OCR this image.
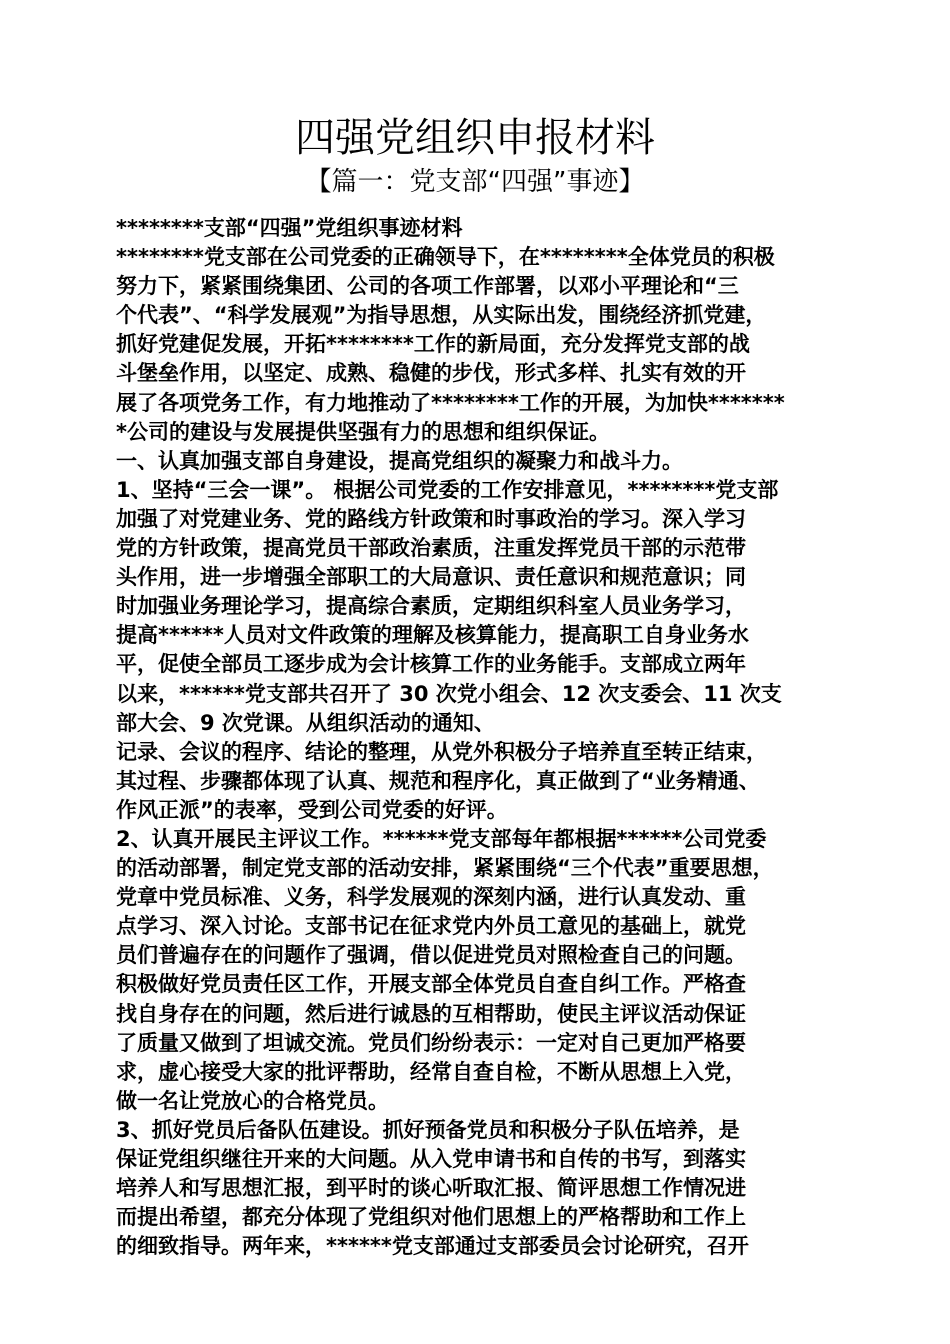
四强党组织申报材料
【篇一：党支部“四强”事迹】
********支部“四强”党组织事迹材料
********党支部在公司党委的正确领导下，在********全体党员的积极
努力下，紧紧围绕集团、公司的各项工作部署，以邓小平理论和“三
个代表”、“科学发展观”为指导思想，从实际出发，围绕经济抓党建，
抓好党建促发展，开拓********工作的新局面，充分发挥党支部的战
斗堡垒作用，以坚定、成熟、稳健的步伐，形式多样、扎实有效的开
展了各项党务工作，有力地推动了********工作的开展，为加快*******
*公司的建设与发展提供坚强有力的思想和组织保证。
一、认真加强支部自身建设，提高党组织的凝聚力和战斗力。
1、坚持“三会一课”。 根据公司党委的工作安排意见，********党支部
加强了对党建业务、党的路线方针政策和时事政治的学习。深入学习
党的方针政策，提高党员干部政治素质，注重发挥党员干部的示范带
头作用，进一步增强全部职工的大局意识、责任意识和规范意识；同
时加强业务理论学习，提高综合素质，定期组织科室人员业务学习，
提高******人员对文件政策的理解及核算能力，提高职工自身业务水
平，促使全部员工逐步成为会计核算工作的业务能手。支部成立两年
以来，******党支部共召开了 30 次党小组会、12 次支委会、11 次支
部大会、9 次党课。从组织活动的通知、
记录、会议的程序、结论的整理，从党外积极分子培养直至转正结束，
其过程、步骤都体现了认真、规范和程序化，真正做到了“业务精通、
作风正派”的表率，受到公司党委的好评。
2、认真开展民主评议工作。******党支部每年都根据******公司党委
的活动部署，制定党支部的活动安排，紧紧围绕“三个代表”重要思想，
党章中党员标准、义务，科学发展观的深刻内涵，进行认真发动、重
点学习、深入讨论。支部书记在征求党内外员工意见的基础上，就党
员们普遍存在的问题作了强调，借以促进党员对照检查自己的问题。
积极做好党员责任区工作，开展支部全体党员自查自纠工作。严格查
找自身存在的问题，然后进行诚恳的互相帮助，使民主评议活动保证
了质量又做到了坦诚交流。党员们纷纷表示：一定对自己更加严格要
求，虚心接受大家的批评帮助，经常自查自检，不断从思想上入党，
做一名让党放心的合格党员。
3、抓好党员后备队伍建设。抓好预备党员和积极分子队伍培养，是
保证党组织继往开来的大问题。从入党申请书和自传的书写，到落实
培养人和写思想汇报，到平时的谈心听取汇报、简评思想工作情况进
而提出希望，都充分体现了党组织对他们思想上的严格帮助和工作上
的细致指导。两年来，******党支部通过支部委员会讨论研究，召开
